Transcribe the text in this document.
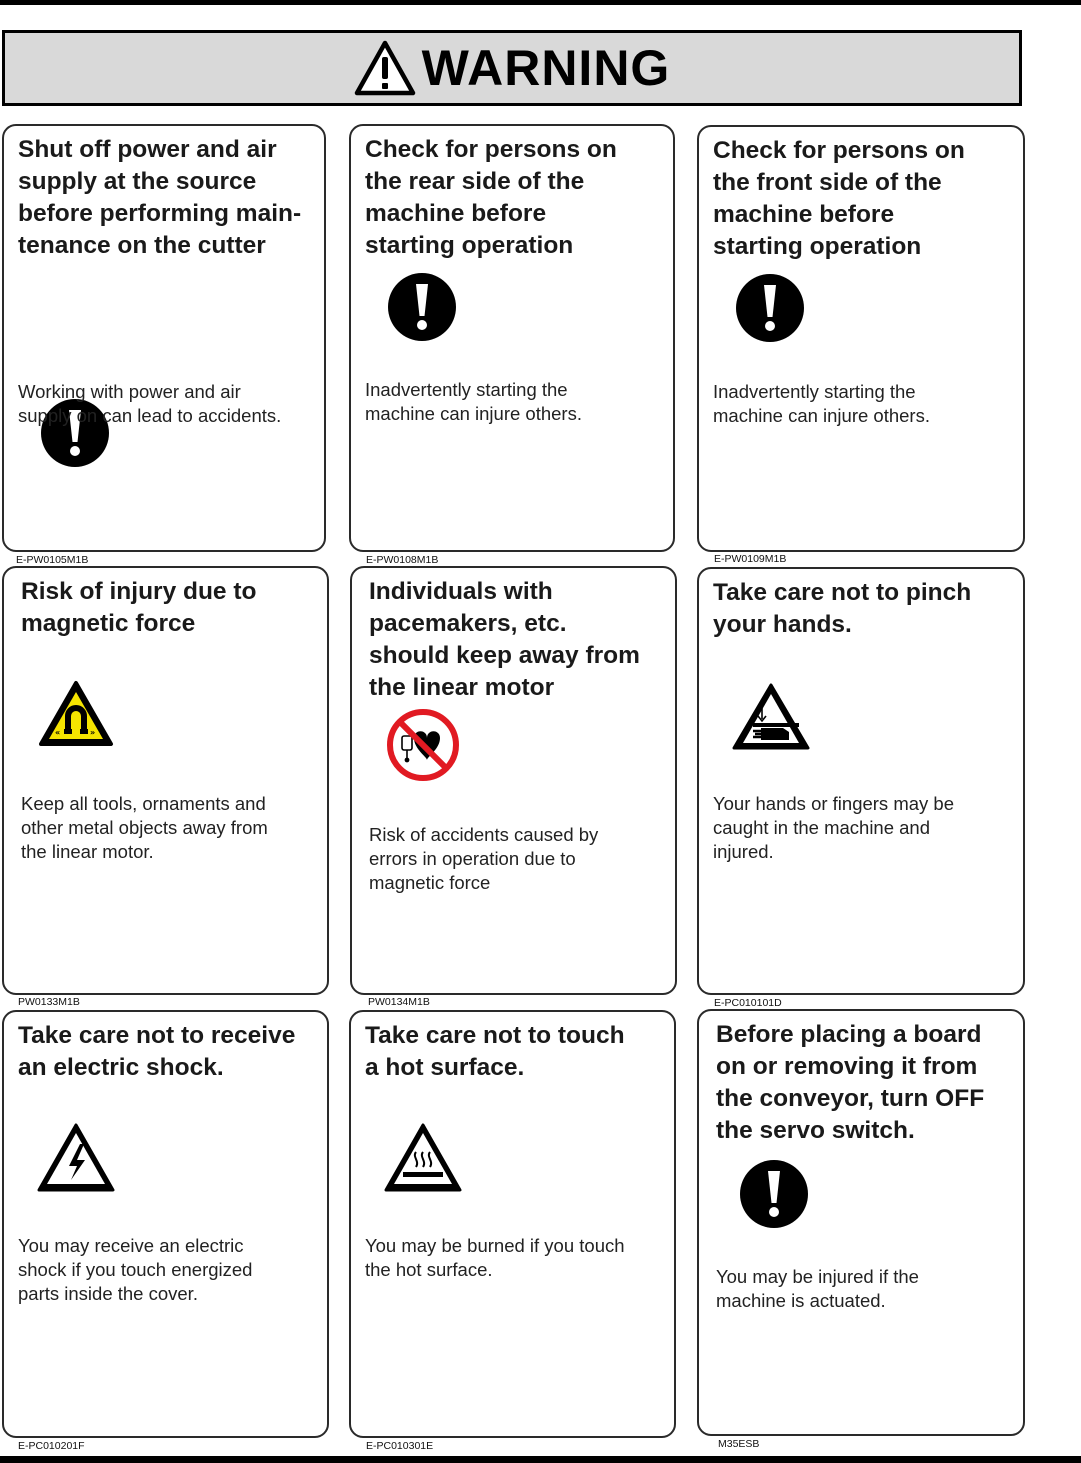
WARNING
Shut off power and air
supply at the source
before performing main-
tenance on the cutter
Working with power and air
supply on can lead to accidents.
E-PW0105M1B
Check for persons on
the rear side of the
machine before
starting operation
Inadvertently starting the
machine can injure others.
E-PW0108M1B
Check for persons on
the front side of the
machine before
starting operation
Inadvertently starting the
machine can injure others.
E-PW0109M1B
Risk of injury due to
magnetic force
«	»
Keep all tools, ornaments and
other metal objects away from
the linear motor.
PW0133M1B
Individuals with
pacemakers, etc.
should keep away from
the linear motor
Risk of accidents caused by
errors in operation due to
magnetic force
PW0134M1B
Take care not to pinch
your hands.
Your hands or fingers may be
caught in the machine and
injured.
E-PC010101D
Take care not to receive
an electric shock.
You may receive an electric
shock if you touch energized
parts inside the cover.
E-PC010201F
Take care not to touch
a hot surface.
You may be burned if you touch
the hot surface.
E-PC010301E
Before placing a board
on or removing it from
the conveyor, turn OFF
the servo switch.
You may be injured if the
machine is actuated.
M35ESB
